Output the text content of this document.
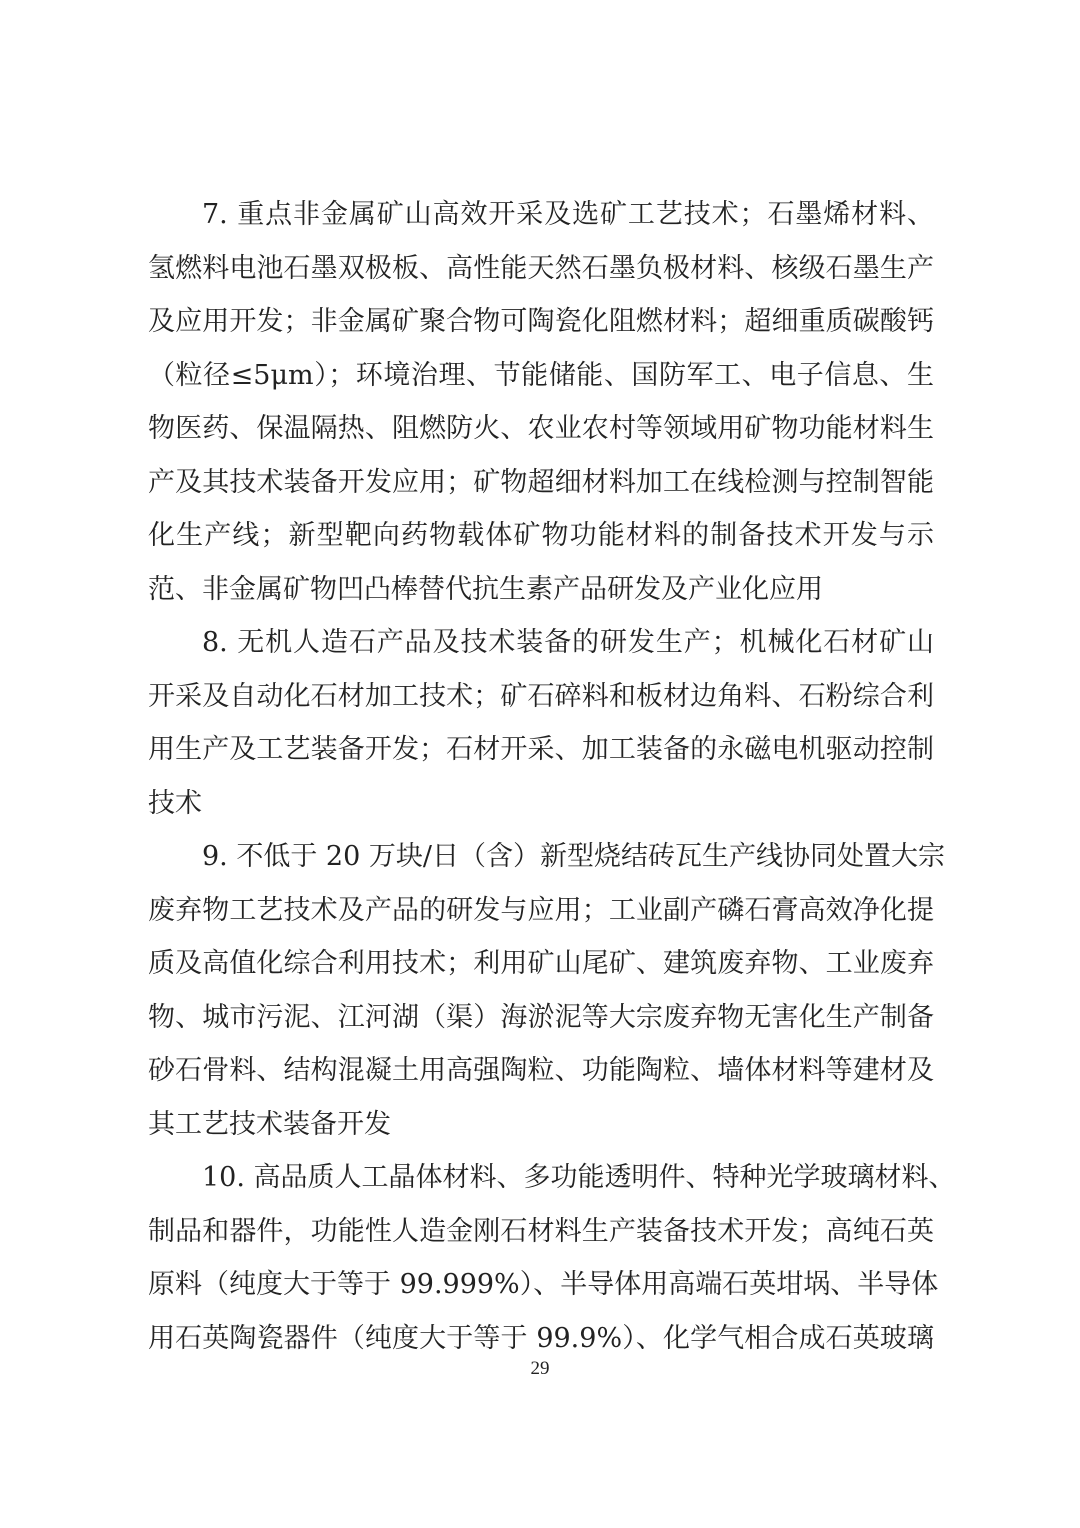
7. 重点非金属矿山高效开采及选矿工艺技术；石墨烯材料、
氢燃料电池石墨双极板、高性能天然石墨负极材料、核级石墨生产
及应用开发；非金属矿聚合物可陶瓷化阻燃材料；超细重质碳酸钙
（粒径≤5μm）；环境治理、节能储能、国防军工、电子信息、生
物医药、保温隔热、阻燃防火、农业农村等领域用矿物功能材料生
产及其技术装备开发应用；矿物超细材料加工在线检测与控制智能
化生产线；新型靶向药物载体矿物功能材料的制备技术开发与示
范、非金属矿物凹凸棒替代抗生素产品研发及产业化应用
8. 无机人造石产品及技术装备的研发生产；机械化石材矿山
开采及自动化石材加工技术；矿石碎料和板材边角料、石粉综合利
用生产及工艺装备开发；石材开采、加工装备的永磁电机驱动控制
技术
9. 不低于 20 万块/日（含）新型烧结砖瓦生产线协同处置大宗
废弃物工艺技术及产品的研发与应用；工业副产磷石膏高效净化提
质及高值化综合利用技术；利用矿山尾矿、建筑废弃物、工业废弃
物、城市污泥、江河湖（渠）海淤泥等大宗废弃物无害化生产制备
砂石骨料、结构混凝土用高强陶粒、功能陶粒、墙体材料等建材及
其工艺技术装备开发
10. 高品质人工晶体材料、多功能透明件、特种光学玻璃材料、
制品和器件，功能性人造金刚石材料生产装备技术开发；高纯石英
原料（纯度大于等于 99.999%）、半导体用高端石英坩埚、半导体
用石英陶瓷器件（纯度大于等于 99.9%）、化学气相合成石英玻璃
29
